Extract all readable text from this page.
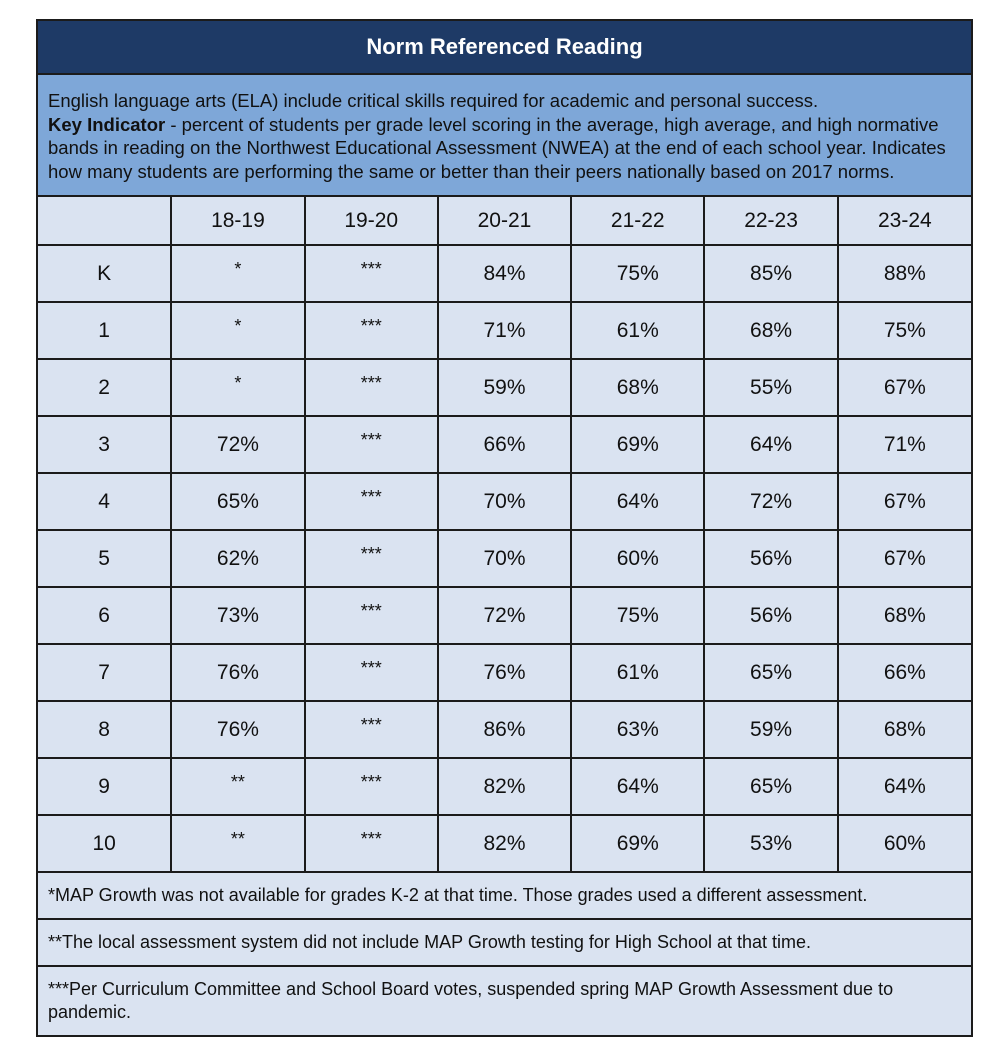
Norm Referenced Reading
English language arts (ELA) include critical skills required for academic and personal success.
Key Indicator - percent of students per grade level scoring in the average, high average, and high normative bands in reading on the Northwest Educational Assessment (NWEA) at the end of each school year. Indicates how many students are performing the same or better than their peers nationally based on 2017 norms.
	18-19	19-20	20-21	21-22	22-23	23-24
K	*	***	84%	75%	85%	88%
1	*	***	71%	61%	68%	75%
2	*	***	59%	68%	55%	67%
3	72%	***	66%	69%	64%	71%
4	65%	***	70%	64%	72%	67%
5	62%	***	70%	60%	56%	67%
6	73%	***	72%	75%	56%	68%
7	76%	***	76%	61%	65%	66%
8	76%	***	86%	63%	59%	68%
9	**	***	82%	64%	65%	64%
10	**	***	82%	69%	53%	60%
*MAP Growth was not available for grades K-2 at that time. Those grades used a different assessment.
**The local assessment system did not include MAP Growth testing for High School at that time.
***Per Curriculum Committee and School Board votes, suspended spring MAP Growth Assessment due to pandemic.
